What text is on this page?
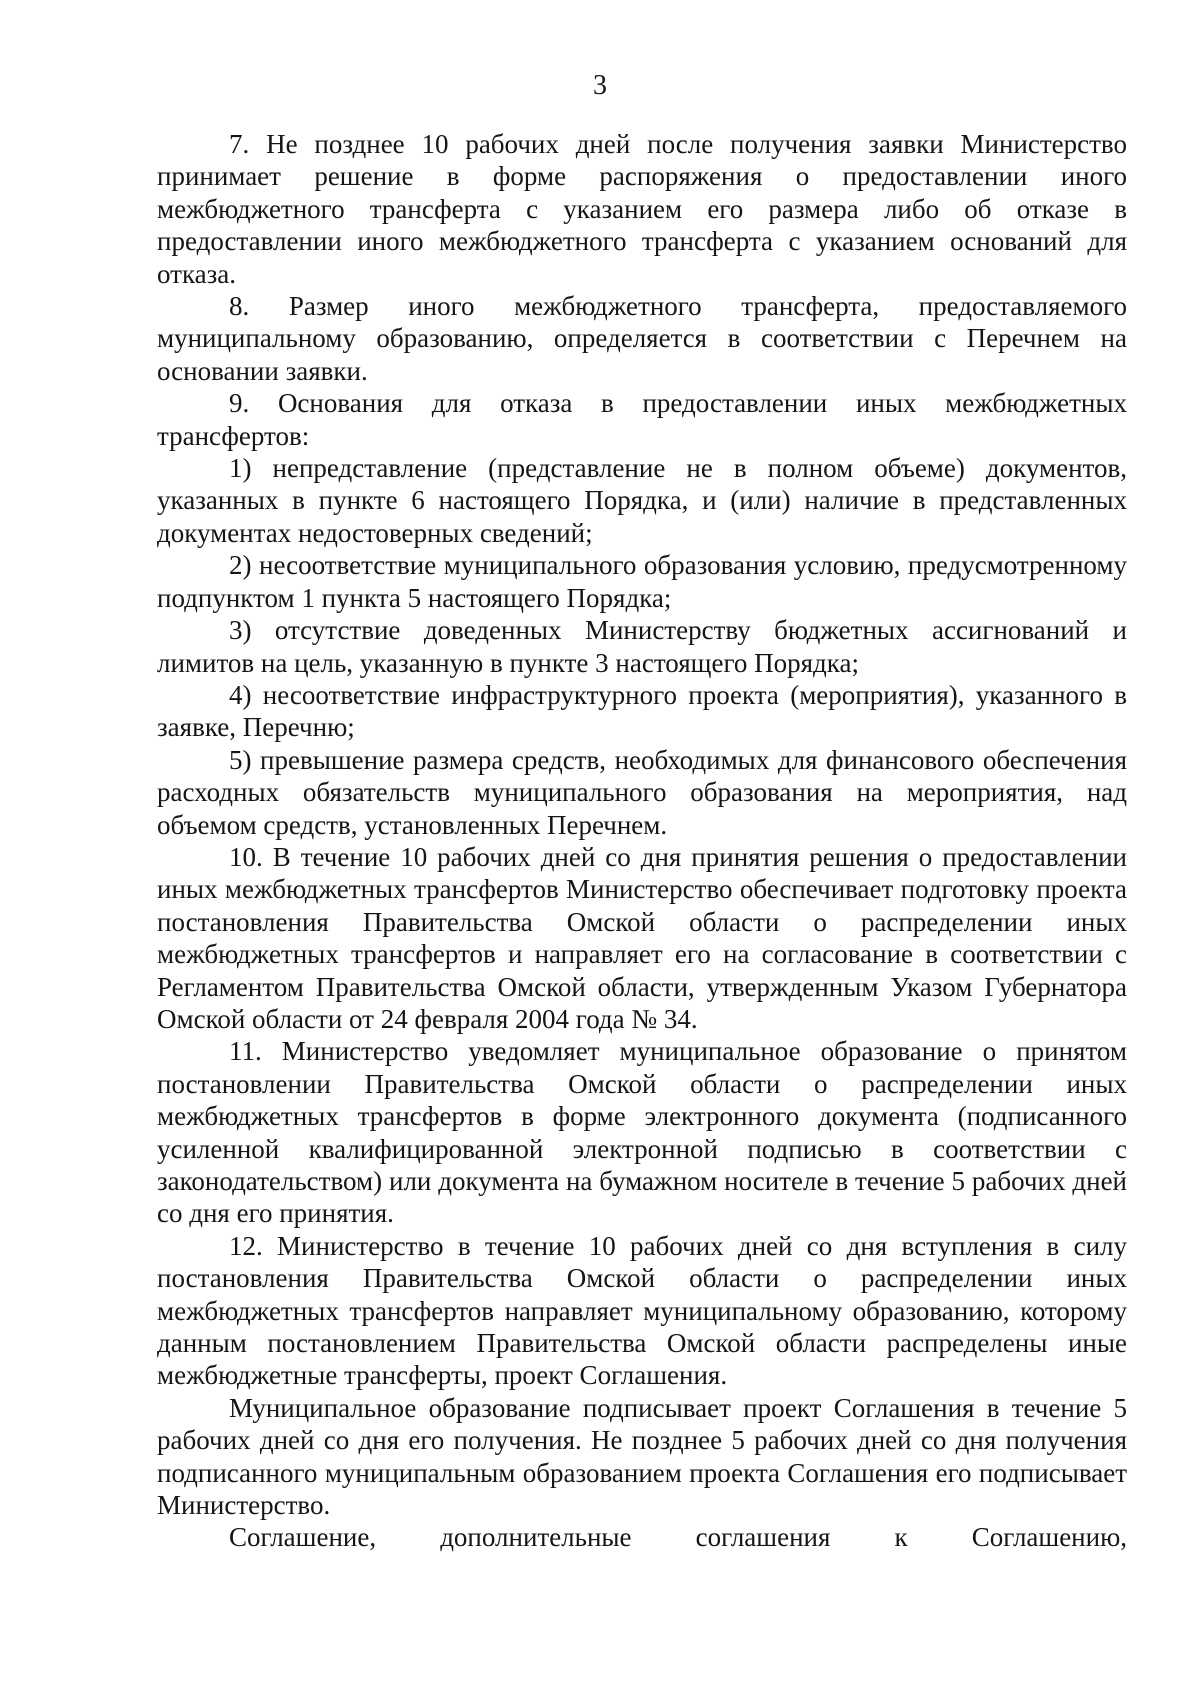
3

7. Не позднее 10 рабочих дней после получения заявки Министерство принимает решение в форме распоряжения о предоставлении иного межбюджетного трансферта с указанием его размера либо об отказе в предоставлении иного межбюджетного трансферта с указанием оснований для отказа.

8. Размер иного межбюджетного трансферта, предоставляемого муниципальному образованию, определяется в соответствии с Перечнем на основании заявки.

9. Основания для отказа в предоставлении иных межбюджетных трансфертов:

1) непредставление (представление не в полном объеме) документов, указанных в пункте 6 настоящего Порядка, и (или) наличие в представленных документах недостоверных сведений;

2) несоответствие муниципального образования условию, предусмотренному подпунктом 1 пункта 5 настоящего Порядка;

3) отсутствие доведенных Министерству бюджетных ассигнований и лимитов на цель, указанную в пункте 3 настоящего Порядка;

4) несоответствие инфраструктурного проекта (мероприятия), указанного в заявке, Перечню;

5) превышение размера средств, необходимых для финансового обеспечения расходных обязательств муниципального образования на мероприятия, над объемом средств, установленных Перечнем.

10. В течение 10 рабочих дней со дня принятия решения о предоставлении иных межбюджетных трансфертов Министерство обеспечивает подготовку проекта постановления Правительства Омской области о распределении иных межбюджетных трансфертов и направляет его на согласование в соответствии с Регламентом Правительства Омской области, утвержденным Указом Губернатора Омской области от 24 февраля 2004 года № 34.

11. Министерство уведомляет муниципальное образование о принятом постановлении Правительства Омской области о распределении иных межбюджетных трансфертов в форме электронного документа (подписанного усиленной квалифицированной электронной подписью в соответствии с законодательством) или документа на бумажном носителе в течение 5 рабочих дней со дня его принятия.

12. Министерство в течение 10 рабочих дней со дня вступления в силу постановления Правительства Омской области о распределении иных межбюджетных трансфертов направляет муниципальному образованию, которому данным постановлением Правительства Омской области распределены иные межбюджетные трансферты, проект Соглашения.

Муниципальное образование подписывает проект Соглашения в течение 5 рабочих дней со дня его получения. Не позднее 5 рабочих дней со дня получения подписанного муниципальным образованием проекта Соглашения его подписывает Министерство.

Соглашение, дополнительные соглашения к Соглашению,
